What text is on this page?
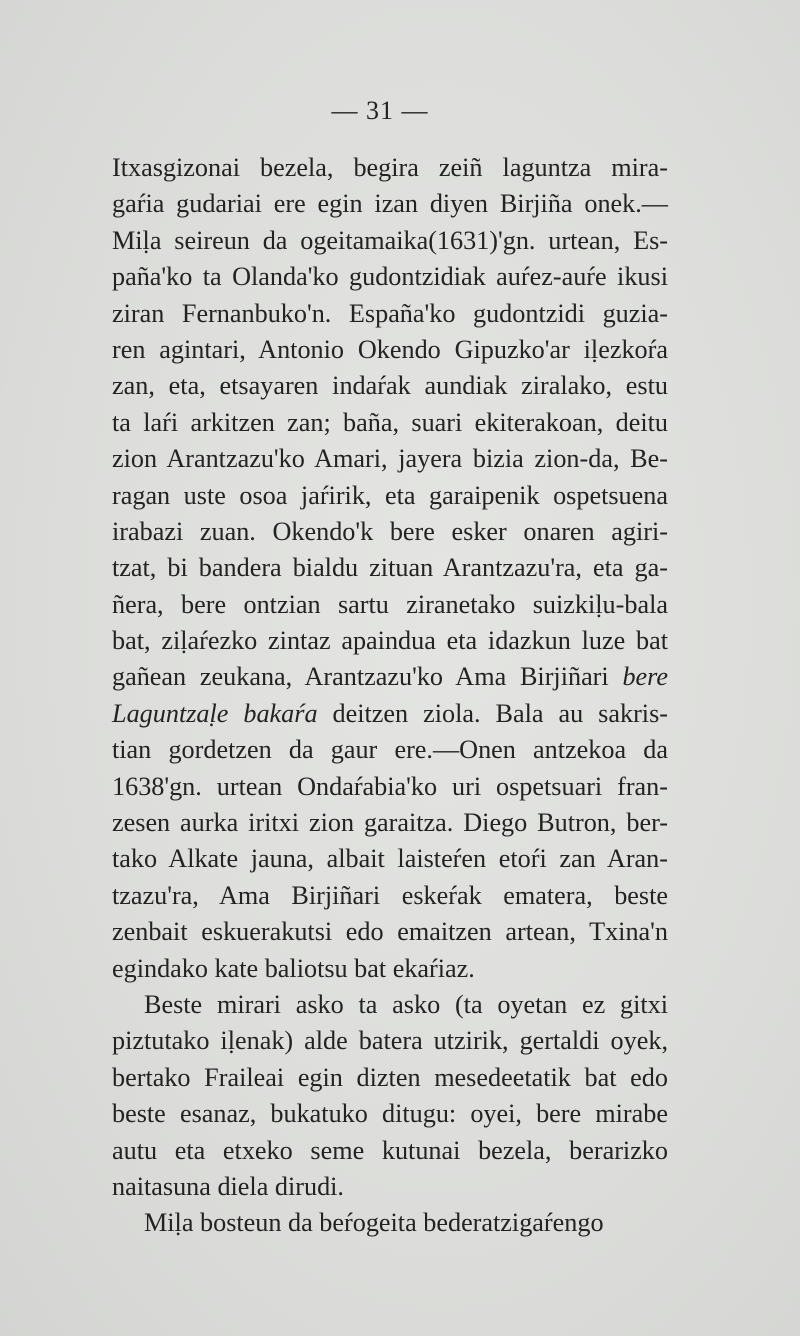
— 31 —
Itxasgizonai bezela, begira zeiñ laguntza mira-
gaŕia gudariai ere egin izan diyen Birjiña onek.—
Miḷa seireun da ogeitamaika(1631)'gn. urtean, Es-
paña'ko ta Olanda'ko gudontzidiak auŕez-auŕe ikusi
ziran Fernanbuko'n. España'ko gudontzidi guzia-
ren agintari, Antonio Okendo Gipuzko'ar iḷezkoŕa
zan, eta, etsayaren indaŕak aundiak ziralako, estu
ta laŕi arkitzen zan; baña, suari ekiterakoan, deitu
zion Arantzazu'ko Amari, jayera bizia zion-da, Be-
ragan uste osoa jaŕirik, eta garaipenik ospetsuena
irabazi zuan. Okendo'k bere esker onaren agiri-
tzat, bi bandera bialdu zituan Arantzazu'ra, eta ga-
ñera, bere ontzian sartu ziranetako suizkiḷu-bala
bat, ziḷaŕezko zintaz apaindua eta idazkun luze bat
gañean zeukana, Arantzazu'ko Ama Birjiñari bere
Laguntzaḷe bakaŕa deitzen ziola. Bala au sakris-
tian gordetzen da gaur ere.—Onen antzekoa da
1638'gn. urtean Ondaŕabia'ko uri ospetsuari fran-
zesen aurka iritxi zion garaitza. Diego Butron, ber-
tako Alkate jauna, albait laisteŕen etoŕi zan Aran-
tzazu'ra, Ama Birjiñari eskeŕak ematera, beste
zenbait eskuerakutsi edo emaitzen artean, Txina'n
egindako kate baliotsu bat ekaŕiaz.
Beste mirari asko ta asko (ta oyetan ez gitxi
piztutako iḷenak) alde batera utzirik, gertaldi oyek,
bertako Fraileai egin dizten mesedeetatik bat edo
beste esanaz, bukatuko ditugu: oyei, bere mirabe
autu eta etxeko seme kutunai bezela, berarizko
naitasuna diela dirudi.
Miḷa bosteun da beŕogeita bederatzigaŕengo
